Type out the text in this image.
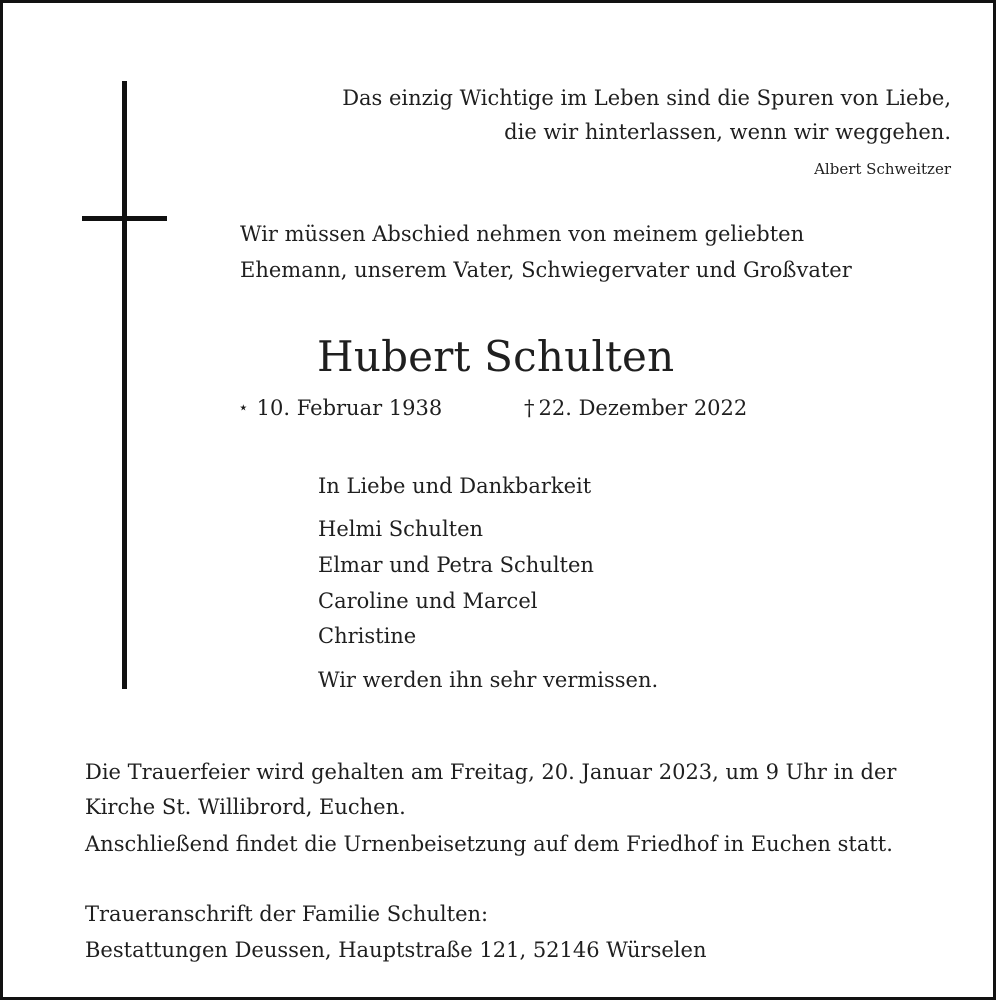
Das einzig Wichtige im Leben sind die Spuren von Liebe,
die wir hinterlassen, wenn wir weggehen.
Albert Schweitzer
Wir müssen Abschied nehmen von meinem geliebten
Ehemann, unserem Vater, Schwiegervater und Großvater
Hubert Schulten
⋆ 10. Februar 1938	† 22. Dezember 2022
In Liebe und Dankbarkeit
Helmi Schulten
Elmar und Petra Schulten
Caroline und Marcel
Christine
Wir werden ihn sehr vermissen.
Die Trauerfeier wird gehalten am Freitag, 20. Januar 2023, um 9 Uhr in der
Kirche St. Willibrord, Euchen.
Anschließend findet die Urnenbeisetzung auf dem Friedhof in Euchen statt.
Traueranschrift der Familie Schulten:
Bestattungen Deussen, Hauptstraße 121, 52146 Würselen
